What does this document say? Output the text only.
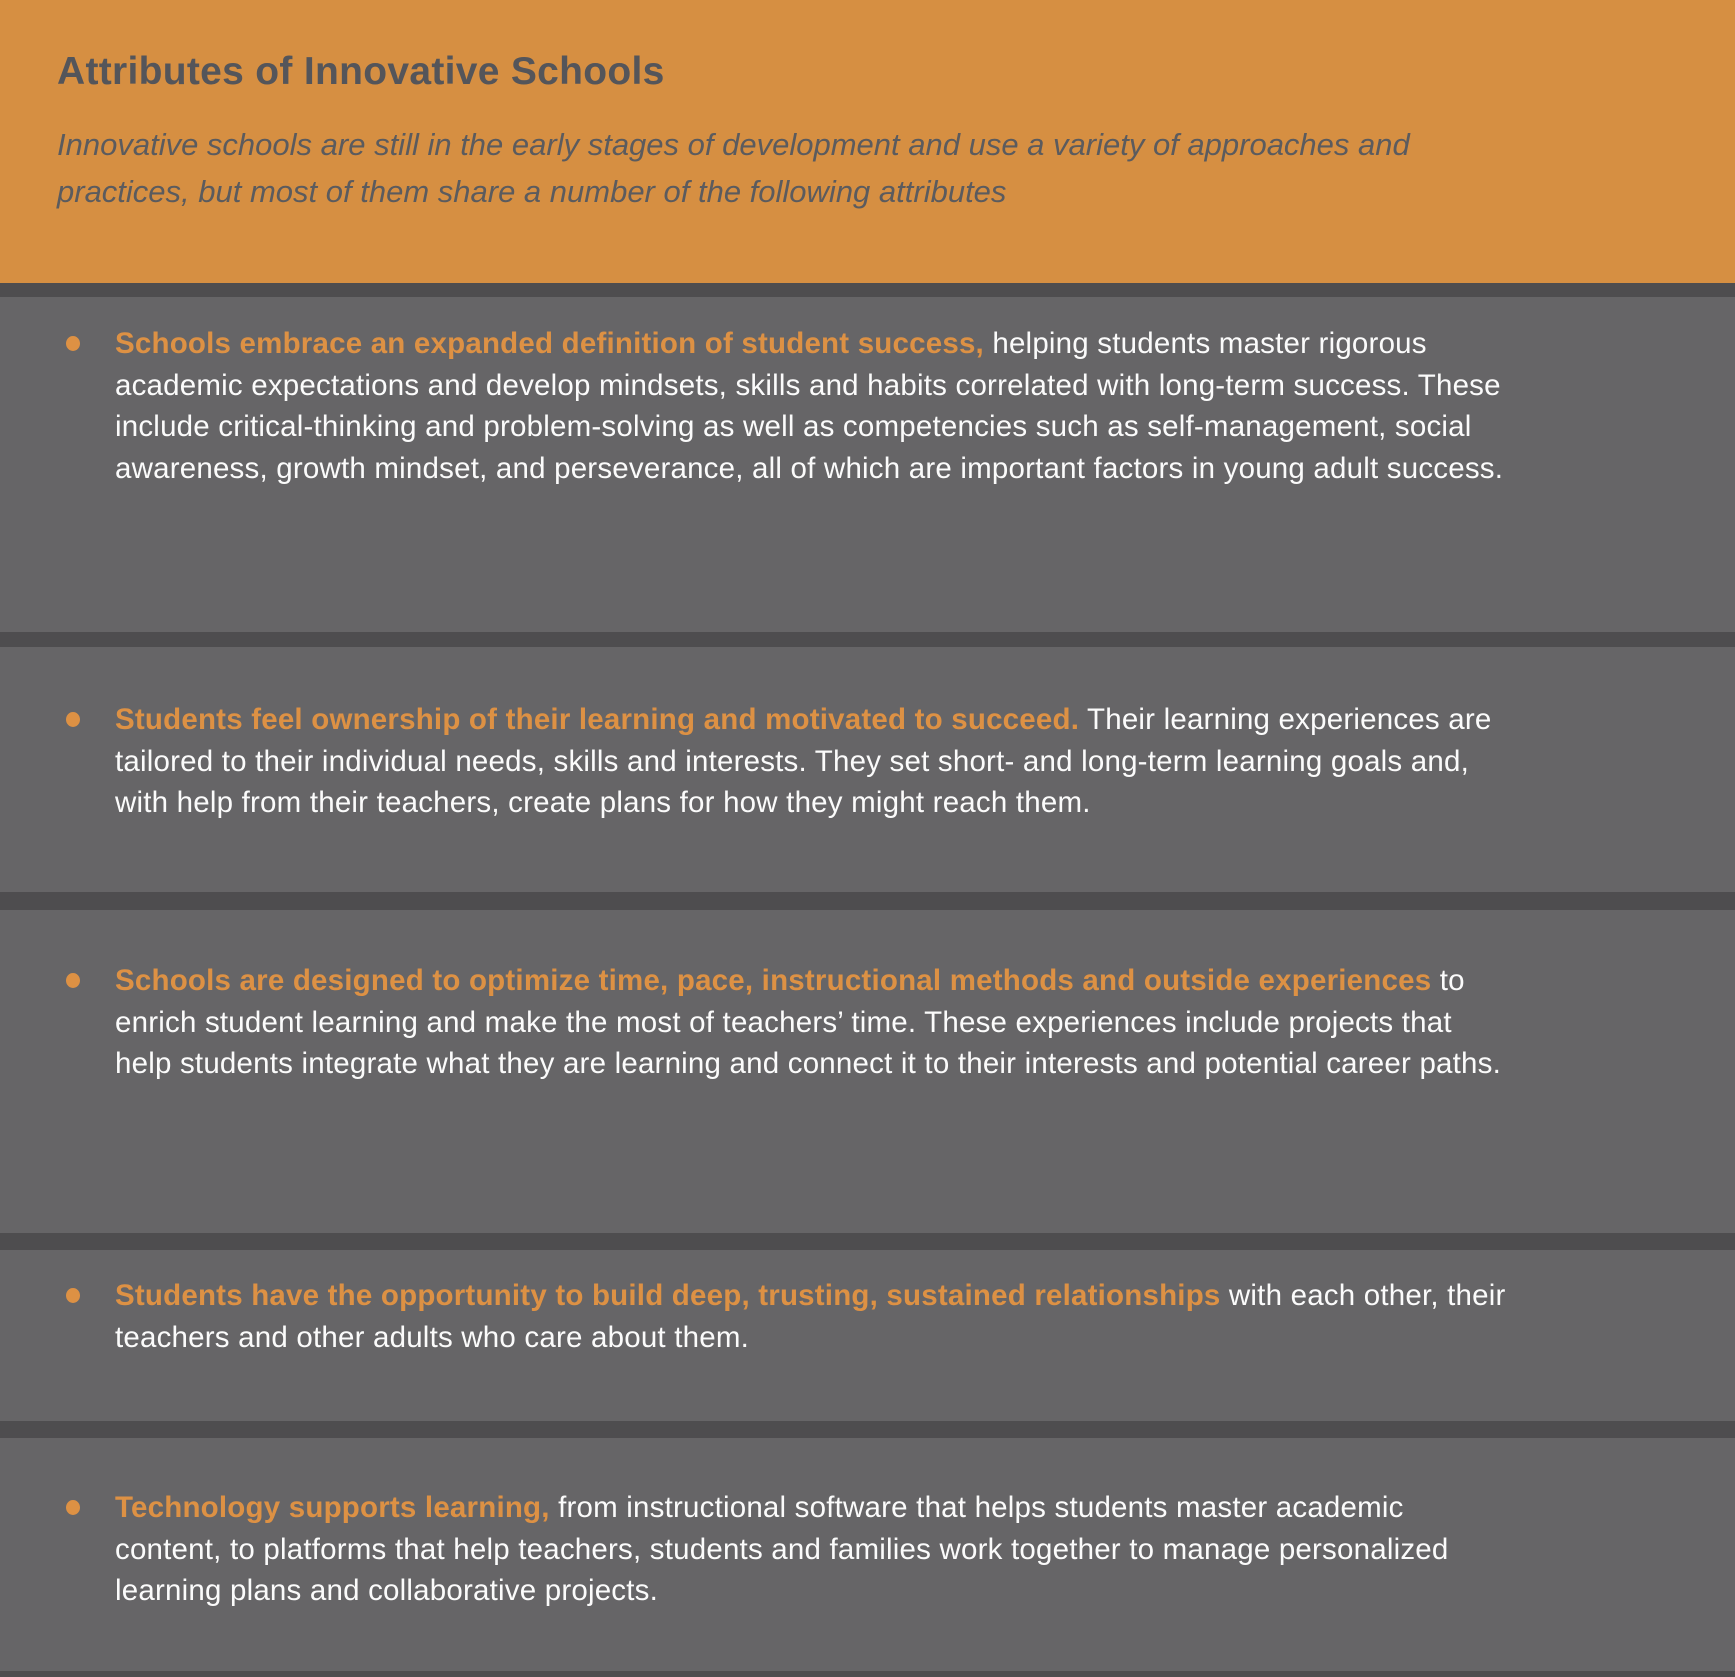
Attributes of Innovative Schools
Innovative schools are still in the early stages of development and use a variety of approaches and practices, but most of them share a number of the following attributes

Schools embrace an expanded definition of student success, helping students master rigorous academic expectations and develop mindsets, skills and habits correlated with long-term success. These include critical-thinking and problem-solving as well as competencies such as self-management, social awareness, growth mindset, and perseverance, all of which are important factors in young adult success.

Students feel ownership of their learning and motivated to succeed. Their learning experiences are tailored to their individual needs, skills and interests. They set short- and long-term learning goals and, with help from their teachers, create plans for how they might reach them.

Schools are designed to optimize time, pace, instructional methods and outside experiences to enrich student learning and make the most of teachers’ time. These experiences include projects that help students integrate what they are learning and connect it to their interests and potential career paths.

Students have the opportunity to build deep, trusting, sustained relationships with each other, their teachers and other adults who care about them.

Technology supports learning, from instructional software that helps students master academic content, to platforms that help teachers, students and families work together to manage personalized learning plans and collaborative projects.
